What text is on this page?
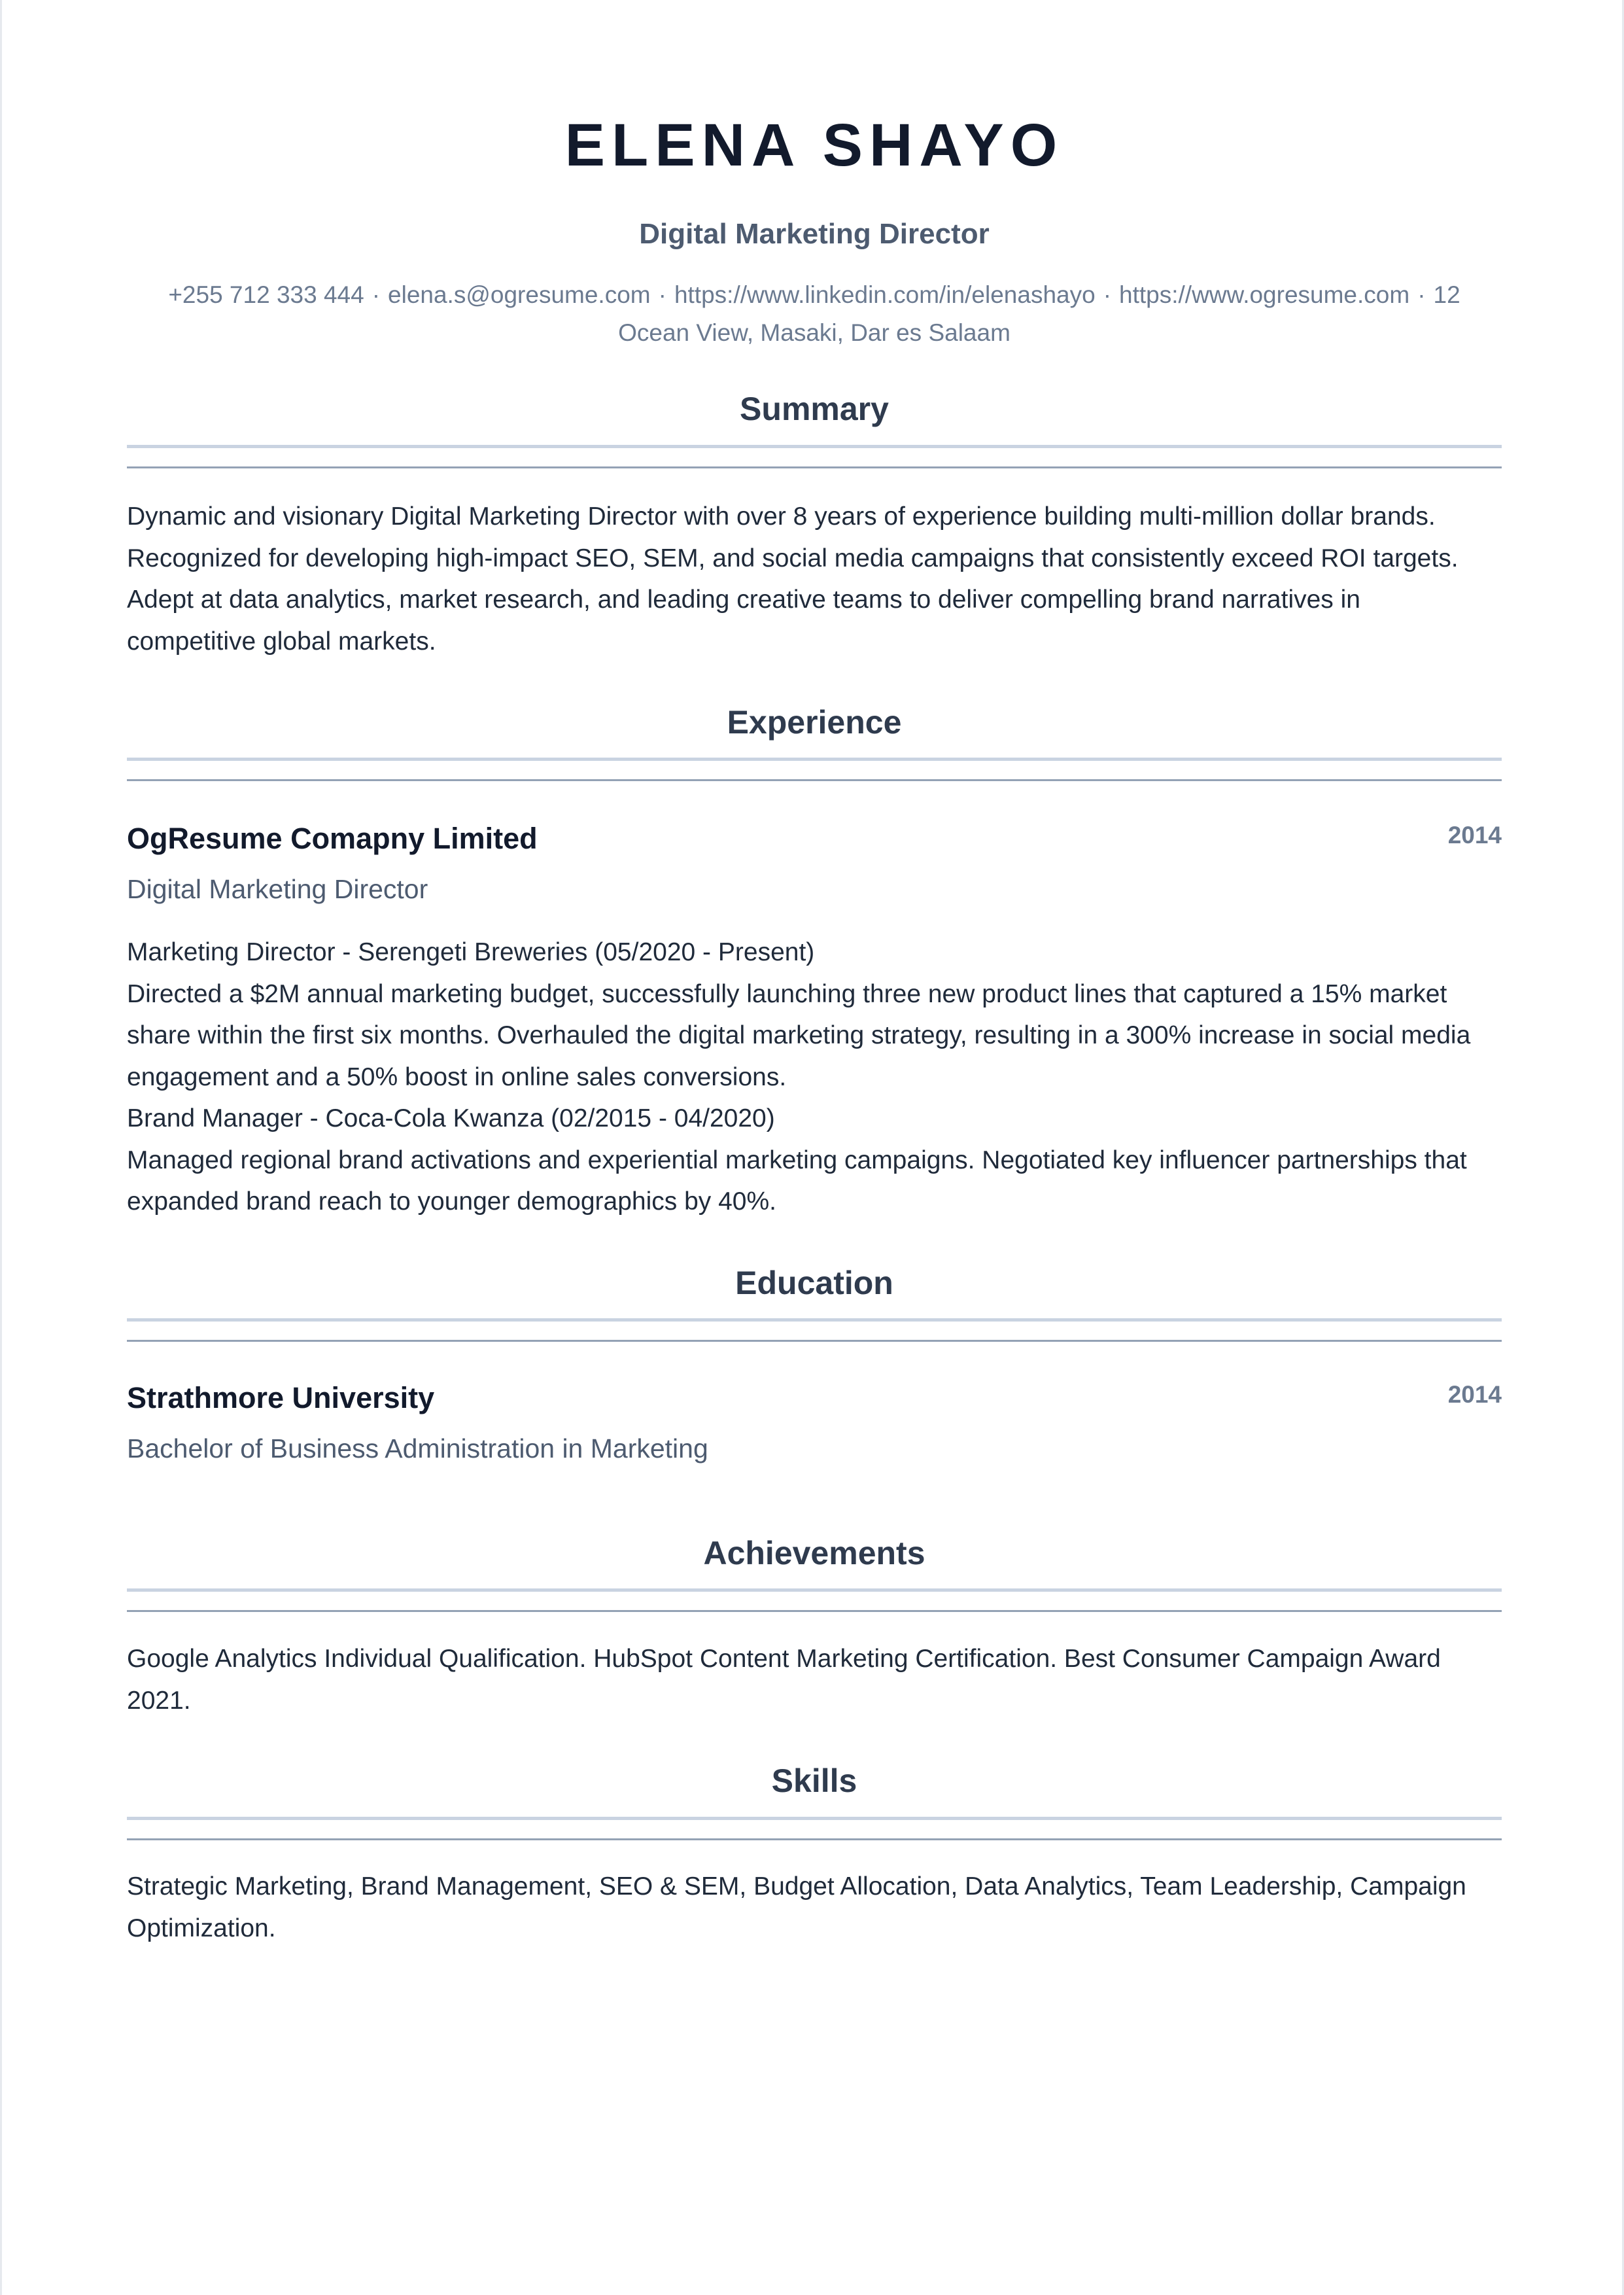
ELENA SHAYO
Digital Marketing Director
+255 712 333 444 · elena.s@ogresume.com · https://www.linkedin.com/in/elenashayo · https://www.ogresume.com · 12
Ocean View, Masaki, Dar es Salaam
Summary
Dynamic and visionary Digital Marketing Director with over 8 years of experience building multi-million dollar brands.
Recognized for developing high-impact SEO, SEM, and social media campaigns that consistently exceed ROI targets.
Adept at data analytics, market research, and leading creative teams to deliver compelling brand narratives in
competitive global markets.
Experience
OgResume Comapny Limited	2014
Digital Marketing Director
Marketing Director - Serengeti Breweries (05/2020 - Present)
Directed a $2M annual marketing budget, successfully launching three new product lines that captured a 15% market
share within the first six months. Overhauled the digital marketing strategy, resulting in a 300% increase in social media
engagement and a 50% boost in online sales conversions.
Brand Manager - Coca-Cola Kwanza (02/2015 - 04/2020)
Managed regional brand activations and experiential marketing campaigns. Negotiated key influencer partnerships that
expanded brand reach to younger demographics by 40%.
Education
Strathmore University	2014
Bachelor of Business Administration in Marketing
Achievements
Google Analytics Individual Qualification. HubSpot Content Marketing Certification. Best Consumer Campaign Award
2021.
Skills
Strategic Marketing, Brand Management, SEO & SEM, Budget Allocation, Data Analytics, Team Leadership, Campaign
Optimization.
